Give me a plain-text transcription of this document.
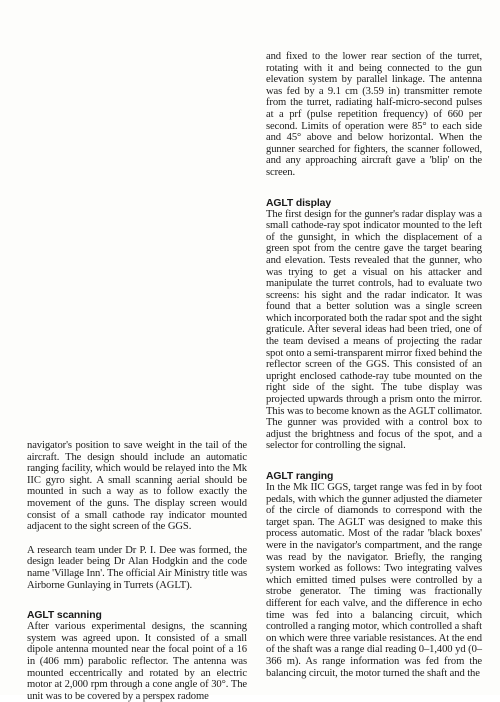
navigator's position to save weight in the tail of the aircraft. The design should include an automatic ranging facility, which would be relayed into the Mk IIC gyro sight. A small scanning aerial should be mounted in such a way as to follow exactly the movement of the guns. The display screen would consist of a small cathode ray indicator mounted adjacent to the sight screen of the GGS.

A research team under Dr P. I. Dee was formed, the design leader being Dr Alan Hodgkin and the code name 'Village Inn'. The official Air Ministry title was Airborne Gunlaying in Turrets (AGLT).

AGLT scanning

After various experimental designs, the scanning system was agreed upon. It consisted of a small dipole antenna mounted near the focal point of a 16 in (406 mm) parabolic reflector. The antenna was mounted eccentrically and rotated by an electric motor at 2,000 rpm through a cone angle of 30°. The unit was to be covered by a perspex radome

and fixed to the lower rear section of the turret, rotating with it and being connected to the gun elevation system by parallel linkage. The antenna was fed by a 9.1 cm (3.59 in) transmitter remote from the turret, radiating half-micro-second pulses at a prf (pulse repetition frequency) of 660 per second. Limits of operation were 85° to each side and 45° above and below horizontal. When the gunner searched for fighters, the scanner followed, and any approaching aircraft gave a 'blip' on the screen.

AGLT display

The first design for the gunner's radar display was a small cathode-ray spot indicator mounted to the left of the gunsight, in which the displacement of a green spot from the centre gave the target bearing and elevation. Tests revealed that the gunner, who was trying to get a visual on his attacker and manipulate the turret controls, had to evaluate two screens: his sight and the radar indicator. It was found that a better solution was a single screen which incorporated both the radar spot and the sight graticule. After several ideas had been tried, one of the team devised a means of projecting the radar spot onto a semi-transparent mirror fixed behind the reflector screen of the GGS. This consisted of an upright enclosed cathode-ray tube mounted on the right side of the sight. The tube display was projected upwards through a prism onto the mirror. This was to become known as the AGLT collimator. The gunner was provided with a control box to adjust the brightness and focus of the spot, and a selector for controlling the signal.

AGLT ranging

In the Mk IIC GGS, target range was fed in by foot pedals, with which the gunner adjusted the diameter of the circle of diamonds to correspond with the target span. The AGLT was designed to make this process automatic. Most of the radar 'black boxes' were in the navigator's compartment, and the range was read by the navigator. Briefly, the ranging system worked as follows: Two integrating valves which emitted timed pulses were controlled by a strobe generator. The timing was fractionally different for each valve, and the difference in echo time was fed into a balancing circuit, which controlled a ranging motor, which controlled a shaft on which were three variable resistances. At the end of the shaft was a range dial reading 0–1,400 yd (0–366 m). As range information was fed from the balancing circuit, the motor turned the shaft and the
